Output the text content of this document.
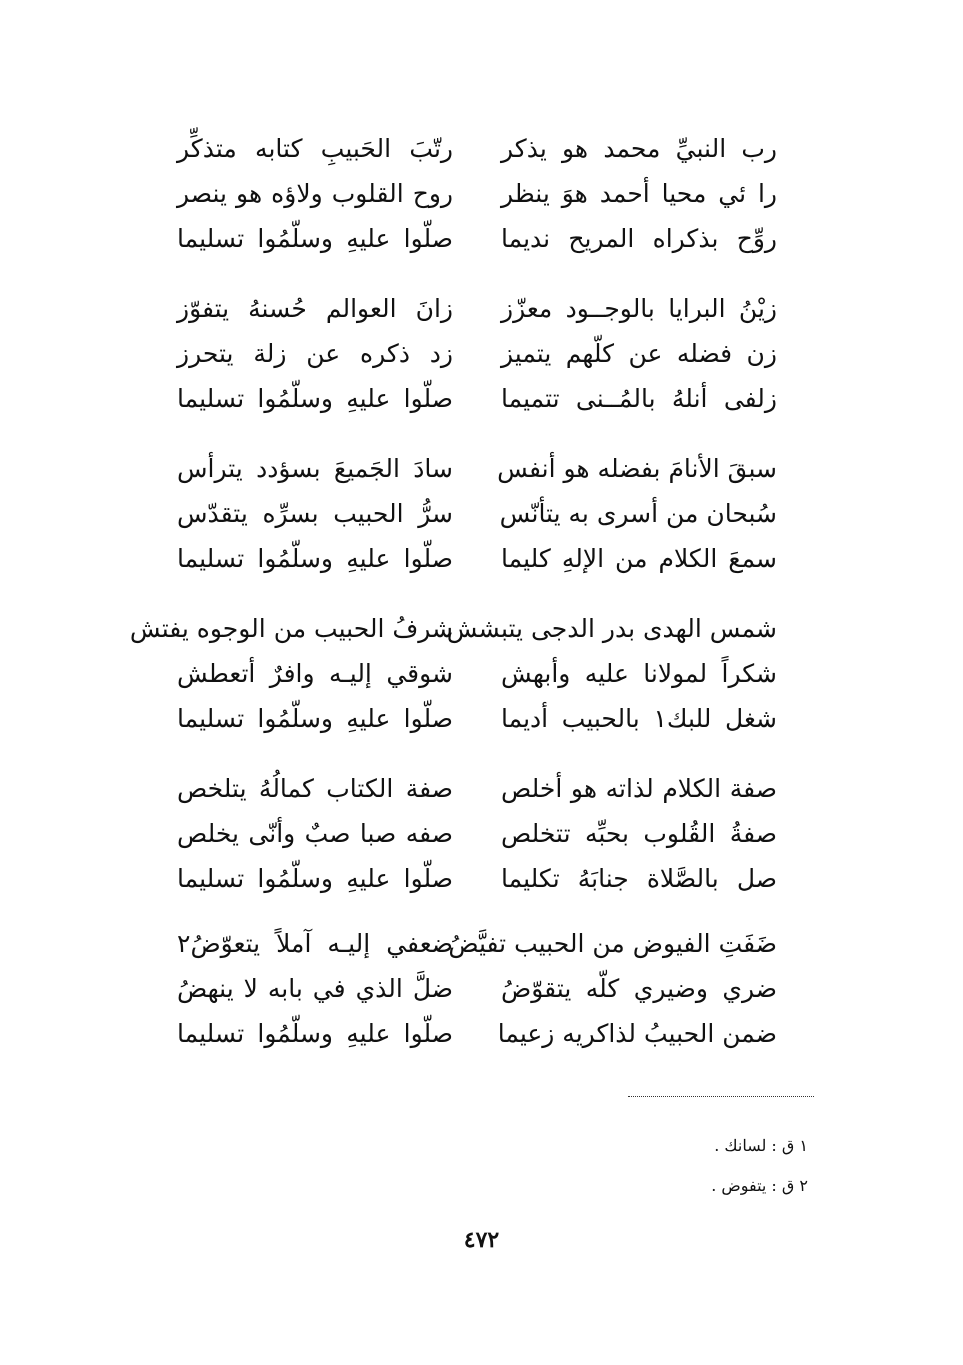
رب النبيِّ محمد هو يذكر
رتّبَ الحَبيبِ كتابه متذكِّر
را ئي محيا أحمد هوَ ينظر
روح القلوب ولاؤه هو ينصر
روِّح بذكراه المريح نديما
صلّوا عليهِ وسلّمُوا تسليما
زيْنُ البرايا بالوجــود معزّز
زانَ العوالم حُسنهُ يتفوّز
زن فضله عن كلّهم يتميز
زد ذكره عن زلة يتحرز
زلفى أنلهُ بالمُــنى تتميما
صلّوا عليهِ وسلّمُوا تسليما
سبقَ الأنامَ بفضله هو أنفس
سادَ الجَميعَ بسؤدد يترأس
سُبحان من أسرى به يتأنّس
سرُّ الحبيب بسرِّه يتقدّس
سمعَ الكلام من الإلهِ كليما
صلّوا عليهِ وسلّمُوا تسليما
شمس الهدى بدر الدجى يتبشش
شرفُ الحبيب من الوجوه يفتش
شكراً لمولانا عليه وأبهش
شوقي إليـه وافرٌ أتعطش
شغل للبك١ بالحبيب أديما
صلّوا عليهِ وسلّمُوا تسليما
صفة الكلام لذاته هو أخلص
صفة الكتاب كمالُهُ يتلخص
صفةُ القُلوب بحبِّه تتخلص
صفه صبا صبٌ وأنّى يخلص
صل بالصَّلاة جنابَهُ تكليما
صلّوا عليهِ وسلّمُوا تسليما
ضَفَتِ الفيوض من الحبيب تفيَّضُ
ضعفي إليـه آملاً يتعوّضُ٢
ضري وضيري كلّه يتقوّضُ
ضلَّ الذي في بابه لا ينهضُ
ضمن الحبيبُ لذاكريه زعيما
صلّوا عليهِ وسلّمُوا تسليما
١ ق : لسانك .
٢ ق : يتفوض .
٤٧٢
